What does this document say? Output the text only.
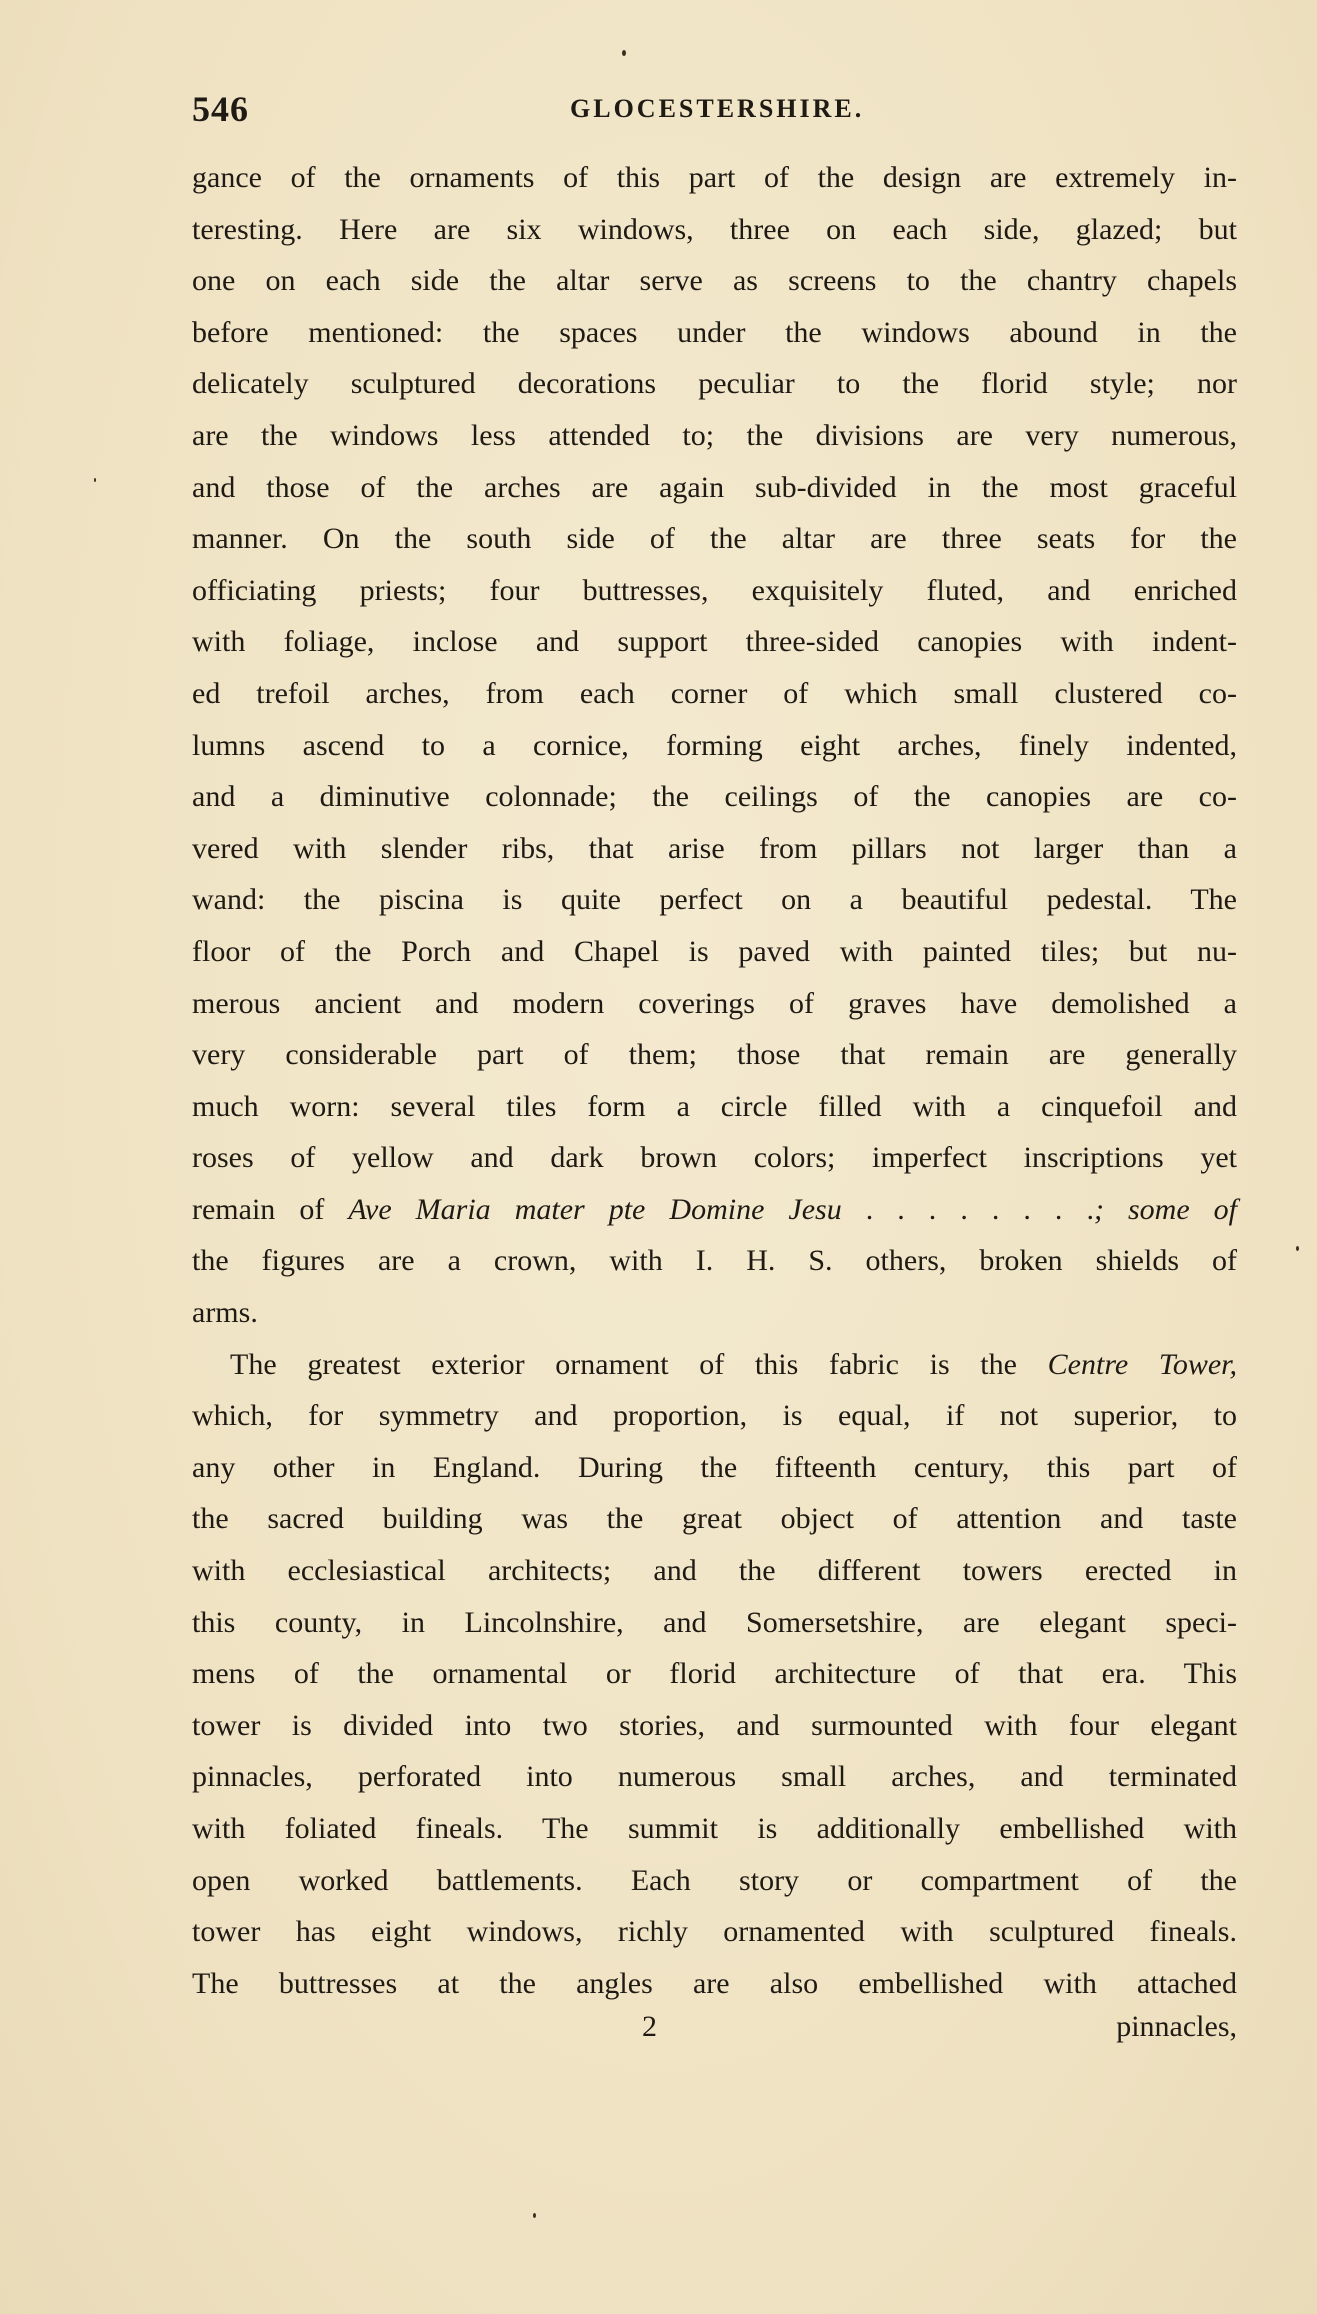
546	GLOCESTERSHIRE.
gance of the ornaments of this part of the design are extremely in-
teresting. Here are six windows, three on each side, glazed; but
one on each side the altar serve as screens to the chantry chapels
before mentioned: the spaces under the windows abound in the
delicately sculptured decorations peculiar to the florid style; nor
are the windows less attended to; the divisions are very numerous,
and those of the arches are again sub-divided in the most graceful
manner. On the south side of the altar are three seats for the
officiating priests; four buttresses, exquisitely fluted, and enriched
with foliage, inclose and support three-sided canopies with indent-
ed trefoil arches, from each corner of which small clustered co-
lumns ascend to a cornice, forming eight arches, finely indented,
and a diminutive colonnade; the ceilings of the canopies are co-
vered with slender ribs, that arise from pillars not larger than a
wand: the piscina is quite perfect on a beautiful pedestal. The
floor of the Porch and Chapel is paved with painted tiles; but nu-
merous ancient and modern coverings of graves have demolished a
very considerable part of them; those that remain are generally
much worn: several tiles form a circle filled with a cinquefoil and
roses of yellow and dark brown colors; imperfect inscriptions yet
remain of Ave Maria mater pte Domine Jesu . . . . . . . .; some of
the figures are a crown, with I. H. S. others, broken shields of
arms.
The greatest exterior ornament of this fabric is the Centre Tower,
which, for symmetry and proportion, is equal, if not superior, to
any other in England. During the fifteenth century, this part of
the sacred building was the great object of attention and taste
with ecclesiastical architects; and the different towers erected in
this county, in Lincolnshire, and Somersetshire, are elegant speci-
mens of the ornamental or florid architecture of that era. This
tower is divided into two stories, and surmounted with four elegant
pinnacles, perforated into numerous small arches, and terminated
with foliated fineals. The summit is additionally embellished with
open worked battlements. Each story or compartment of the
tower has eight windows, richly ornamented with sculptured fineals.
The buttresses at the angles are also embellished with attached
2	pinnacles,
